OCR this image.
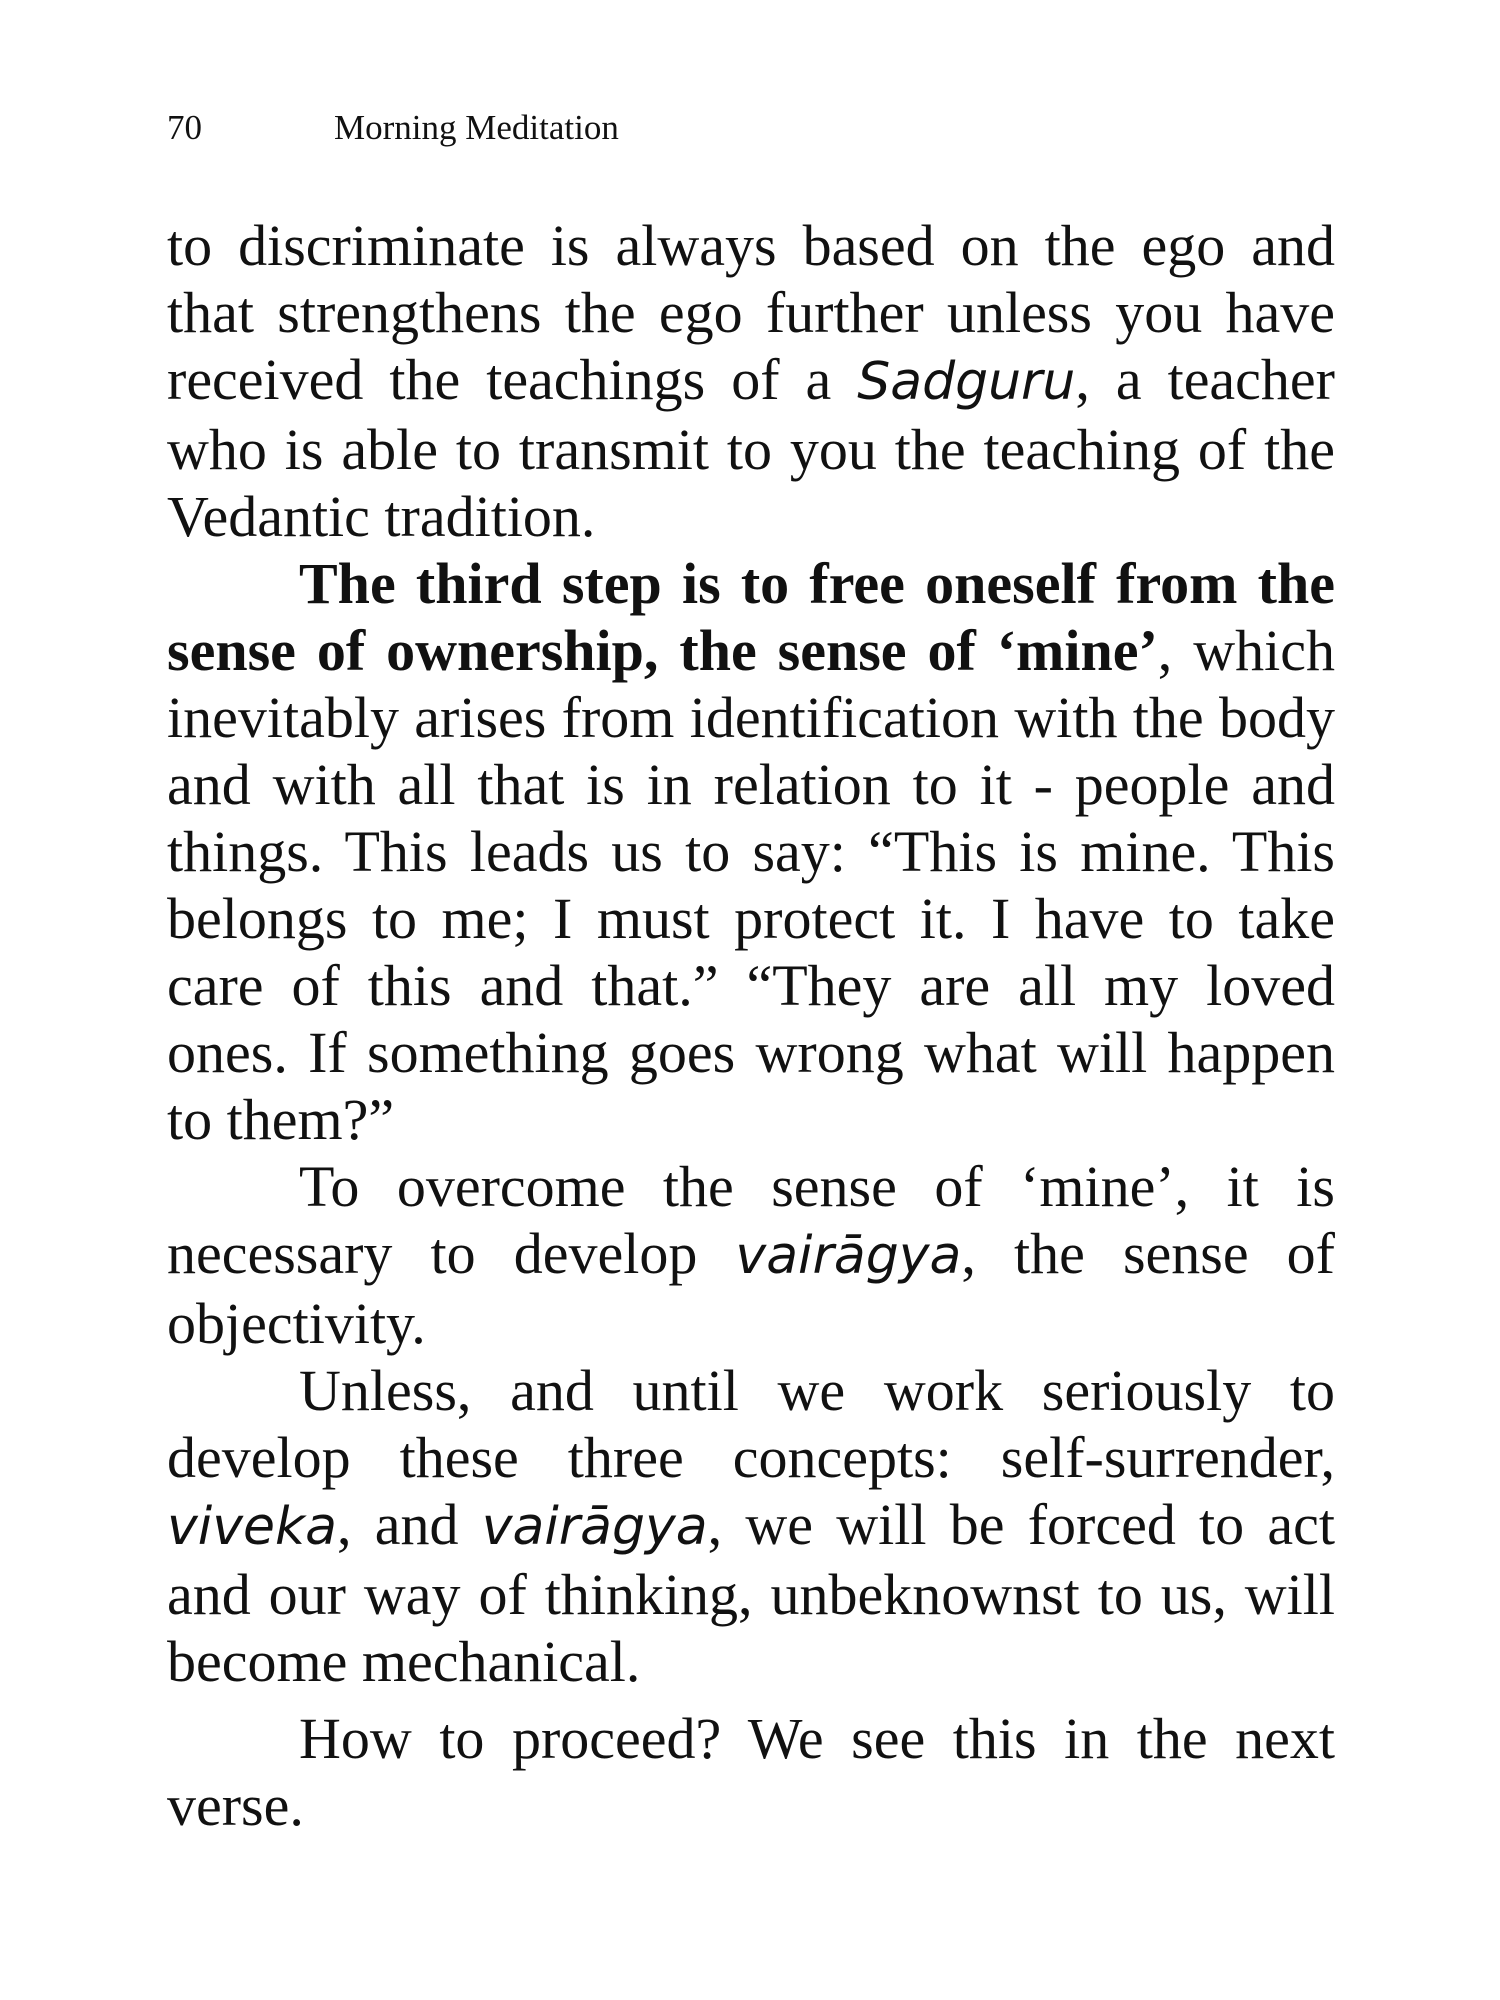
70	Morning Meditation

to discriminate is always based on the ego and that strengthens the ego further unless you have received the teachings of a Sadguru, a teacher who is able to transmit to you the teaching of the Vedantic tradition.

The third step is to free oneself from the sense of ownership, the sense of ‘mine’, which inevitably arises from identification with the body and with all that is in relation to it - people and things. This leads us to say: “This is mine. This belongs to me; I must protect it. I have to take care of this and that.” “They are all my loved ones. If something goes wrong what will happen to them?”

To overcome the sense of ‘mine’, it is necessary to develop vairāgya, the sense of objectivity.

Unless, and until we work seriously to develop these three concepts: self-surrender, viveka, and vairāgya, we will be forced to act and our way of thinking, unbeknownst to us, will become mechanical.

How to proceed? We see this in the next verse.
